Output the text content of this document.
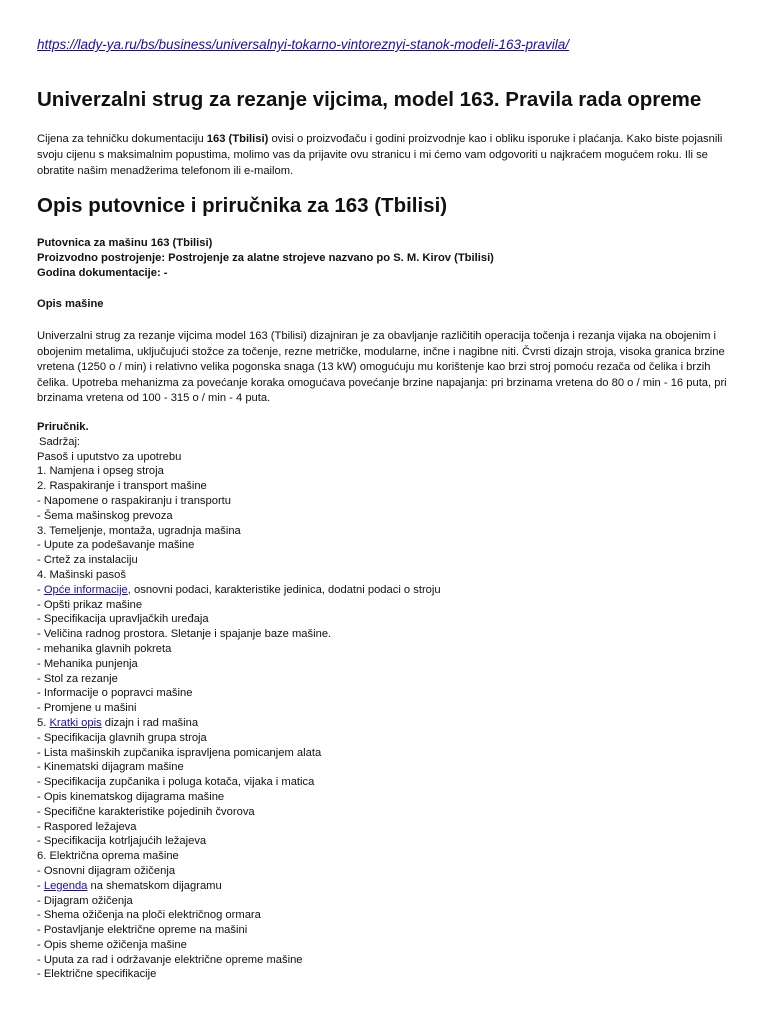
https://lady-ya.ru/bs/business/universalnyi-tokarno-vintoreznyi-stanok-modeli-163-pravila/
Univerzalni strug za rezanje vijcima, model 163. Pravila rada opreme

Cijena za tehničku dokumentaciju 163 (Tbilisi) ovisi o proizvođaču i godini proizvodnje kao i obliku isporuke i plaćanja. Kako biste pojasnili svoju cijenu s maksimalnim popustima, molimo vas da prijavite ovu stranicu i mi ćemo vam odgovoriti u najkraćem mogućem roku. Ili se obratite našim menadžerima telefonom ili e-mailom.

Opis putovnice i priručnika za 163 (Tbilisi)
Putovnica za mašinu 163 (Tbilisi)
Proizvodno postrojenje: Postrojenje za alatne strojeve nazvano po S. M. Kirov (Tbilisi)
Godina dokumentacije: -
Opis mašine

Univerzalni strug za rezanje vijcima model 163 (Tbilisi) dizajniran je za obavljanje različitih operacija točenja i rezanja vijaka na obojenim i obojenim metalima, uključujući stožce za točenje, rezne metričke, modularne, inčne i nagibne niti. Čvrsti dizajn stroja, visoka granica brzine vretena (1250 o / min) i relativno velika pogonska snaga (13 kW) omogućuju mu korištenje kao brzi stroj pomoću rezača od čelika i brzih čelika. Upotreba mehanizma za povećanje koraka omogućava povećanje brzine napajanja: pri brzinama vretena do 80 o / min - 16 puta, pri brzinama vretena od 100 - 315 o / min - 4 puta.

Priručnik.
Sadržaj:
Pasoš i uputstvo za upotrebu
1. Namjena i opseg stroja
2. Raspakiranje i transport mašine
- Napomene o raspakiranju i transportu
- Šema mašinskog prevoza
3. Temeljenje, montaža, ugradnja mašina
- Upute za podešavanje mašine
- Crtež za instalaciju
4. Mašinski pasoš
- Opće informacije, osnovni podaci, karakteristike jedinica, dodatni podaci o stroju
- Opšti prikaz mašine
- Specifikacija upravljačkih uređaja
- Veličina radnog prostora. Sletanje i spajanje baze mašine.
- mehanika glavnih pokreta
- Mehanika punjenja
- Stol za rezanje
- Informacije o popravci mašine
- Promjene u mašini
5. Kratki opis dizajn i rad mašina
- Specifikacija glavnih grupa stroja
- Lista mašinskih zupčanika ispravljena pomicanjem alata
- Kinematski dijagram mašine
- Specifikacija zupčanika i poluga kotača, vijaka i matica
- Opis kinematskog dijagrama mašine
- Specifične karakteristike pojedinih čvorova
- Raspored ležajeva
- Specifikacija kotrljajućih ležajeva
6. Električna oprema mašine
- Osnovni dijagram ožičenja
- Legenda na shematskom dijagramu
- Dijagram ožičenja
- Shema ožičenja na ploči električnog ormara
- Postavljanje električne opreme na mašini
- Opis sheme ožičenja mašine
- Uputa za rad i održavanje električne opreme mašine
- Električne specifikacije
